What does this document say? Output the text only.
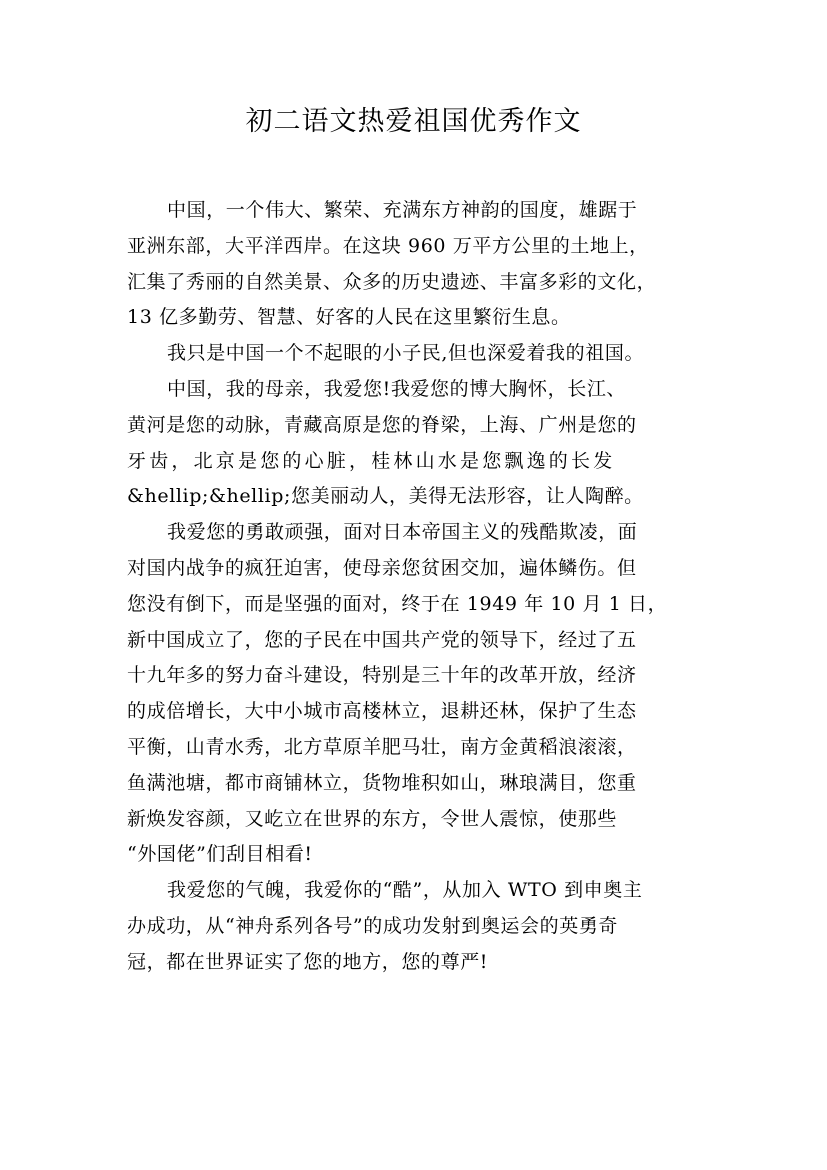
初二语文热爱祖国优秀作文
中国，一个伟大、繁荣、充满东方神韵的国度，雄踞于
亚洲东部，大平洋西岸。在这块 960 万平方公里的土地上，
汇集了秀丽的自然美景、众多的历史遗迹、丰富多彩的文化，
13 亿多勤劳、智慧、好客的人民在这里繁衍生息。
我只是中国一个不起眼的小子民,但也深爱着我的祖国。
中国，我的母亲，我爱您!我爱您的博大胸怀，长江、
黄河是您的动脉，青藏高原是您的脊梁，上海、广州是您的
牙齿，北京是您的心脏，桂林山水是您飘逸的长发
&hellip;&hellip;您美丽动人，美得无法形容，让人陶醉。
我爱您的勇敢顽强，面对日本帝国主义的残酷欺凌，面
对国内战争的疯狂迫害，使母亲您贫困交加，遍体鳞伤。但
您没有倒下，而是坚强的面对，终于在 1949 年 10 月 1 日，
新中国成立了，您的子民在中国共产党的领导下，经过了五
十九年多的努力奋斗建设，特别是三十年的改革开放，经济
的成倍增长，大中小城市高楼林立，退耕还林，保护了生态
平衡，山青水秀，北方草原羊肥马壮，南方金黄稻浪滚滚，
鱼满池塘，都市商铺林立，货物堆积如山，琳琅满目，您重
新焕发容颜，又屹立在世界的东方，令世人震惊，使那些
“外国佬”们刮目相看!
我爱您的气魄，我爱你的“酷”，从加入 WTO 到申奥主
办成功，从“神舟系列各号”的成功发射到奥运会的英勇奇
冠，都在世界证实了您的地方，您的尊严!
